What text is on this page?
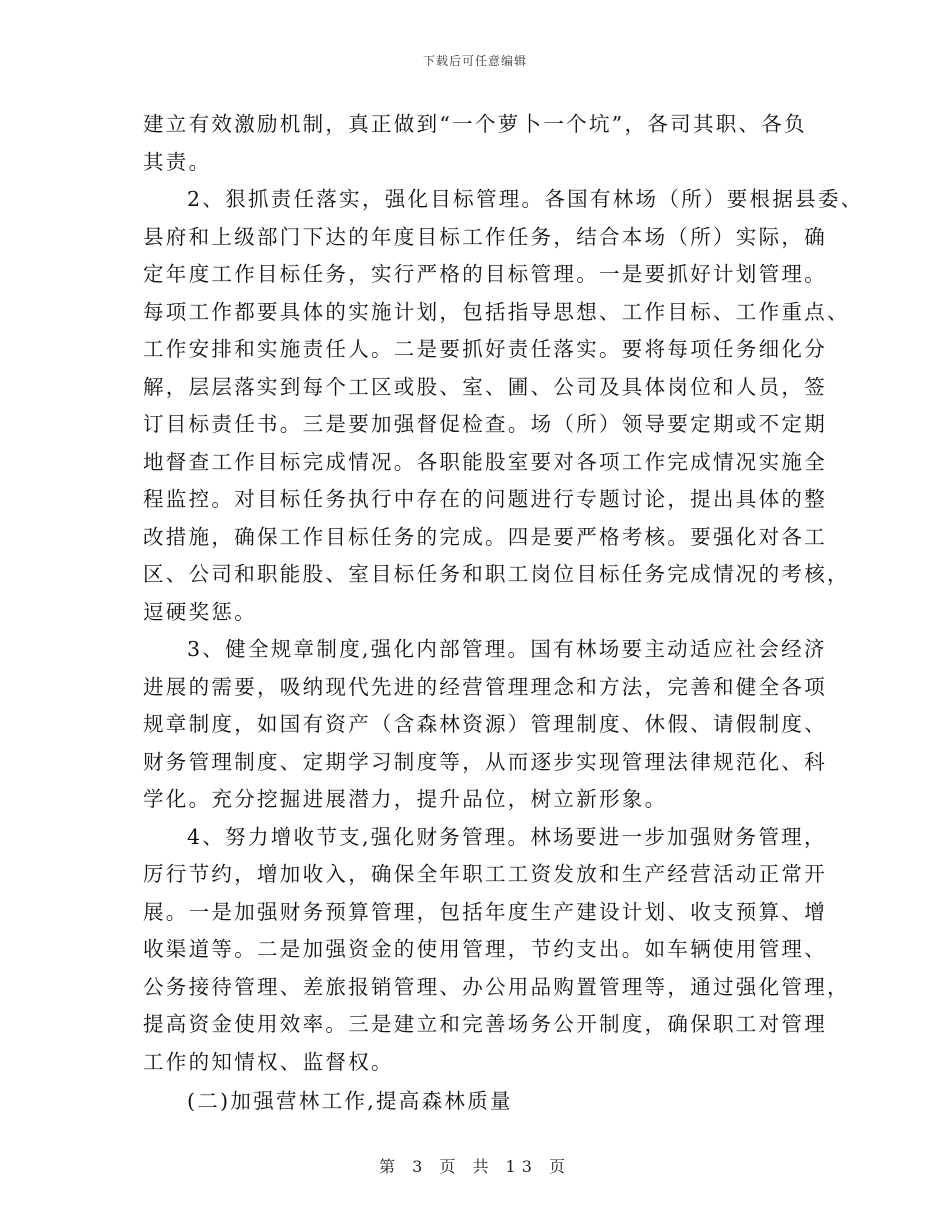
下载后可任意编辑
建立有效激励机制，真正做到“一个萝卜一个坑”，各司其职、各负
其责。
2、狠抓责任落实，强化目标管理。各国有林场（所）要根据县委、
县府和上级部门下达的年度目标工作任务，结合本场（所）实际，确
定年度工作目标任务，实行严格的目标管理。一是要抓好计划管理。
每项工作都要具体的实施计划，包括指导思想、工作目标、工作重点、
工作安排和实施责任人。二是要抓好责任落实。要将每项任务细化分
解，层层落实到每个工区或股、室、圃、公司及具体岗位和人员，签
订目标责任书。三是要加强督促检查。场（所）领导要定期或不定期
地督查工作目标完成情况。各职能股室要对各项工作完成情况实施全
程监控。对目标任务执行中存在的问题进行专题讨论，提出具体的整
改措施，确保工作目标任务的完成。四是要严格考核。要强化对各工
区、公司和职能股、室目标任务和职工岗位目标任务完成情况的考核，
逗硬奖惩。
3、健全规章制度,强化内部管理。国有林场要主动适应社会经济
进展的需要，吸纳现代先进的经营管理理念和方法，完善和健全各项
规章制度，如国有资产（含森林资源）管理制度、休假、请假制度、
财务管理制度、定期学习制度等，从而逐步实现管理法律规范化、科
学化。充分挖掘进展潜力，提升品位，树立新形象。
4、努力增收节支,强化财务管理。林场要进一步加强财务管理，
厉行节约，增加收入，确保全年职工工资发放和生产经营活动正常开
展。一是加强财务预算管理，包括年度生产建设计划、收支预算、增
收渠道等。二是加强资金的使用管理，节约支出。如车辆使用管理、
公务接待管理、差旅报销管理、办公用品购置管理等，通过强化管理，
提高资金使用效率。三是建立和完善场务公开制度，确保职工对管理
工作的知情权、监督权。
(二)加强营林工作,提高森林质量
第 3 页 共 13 页
